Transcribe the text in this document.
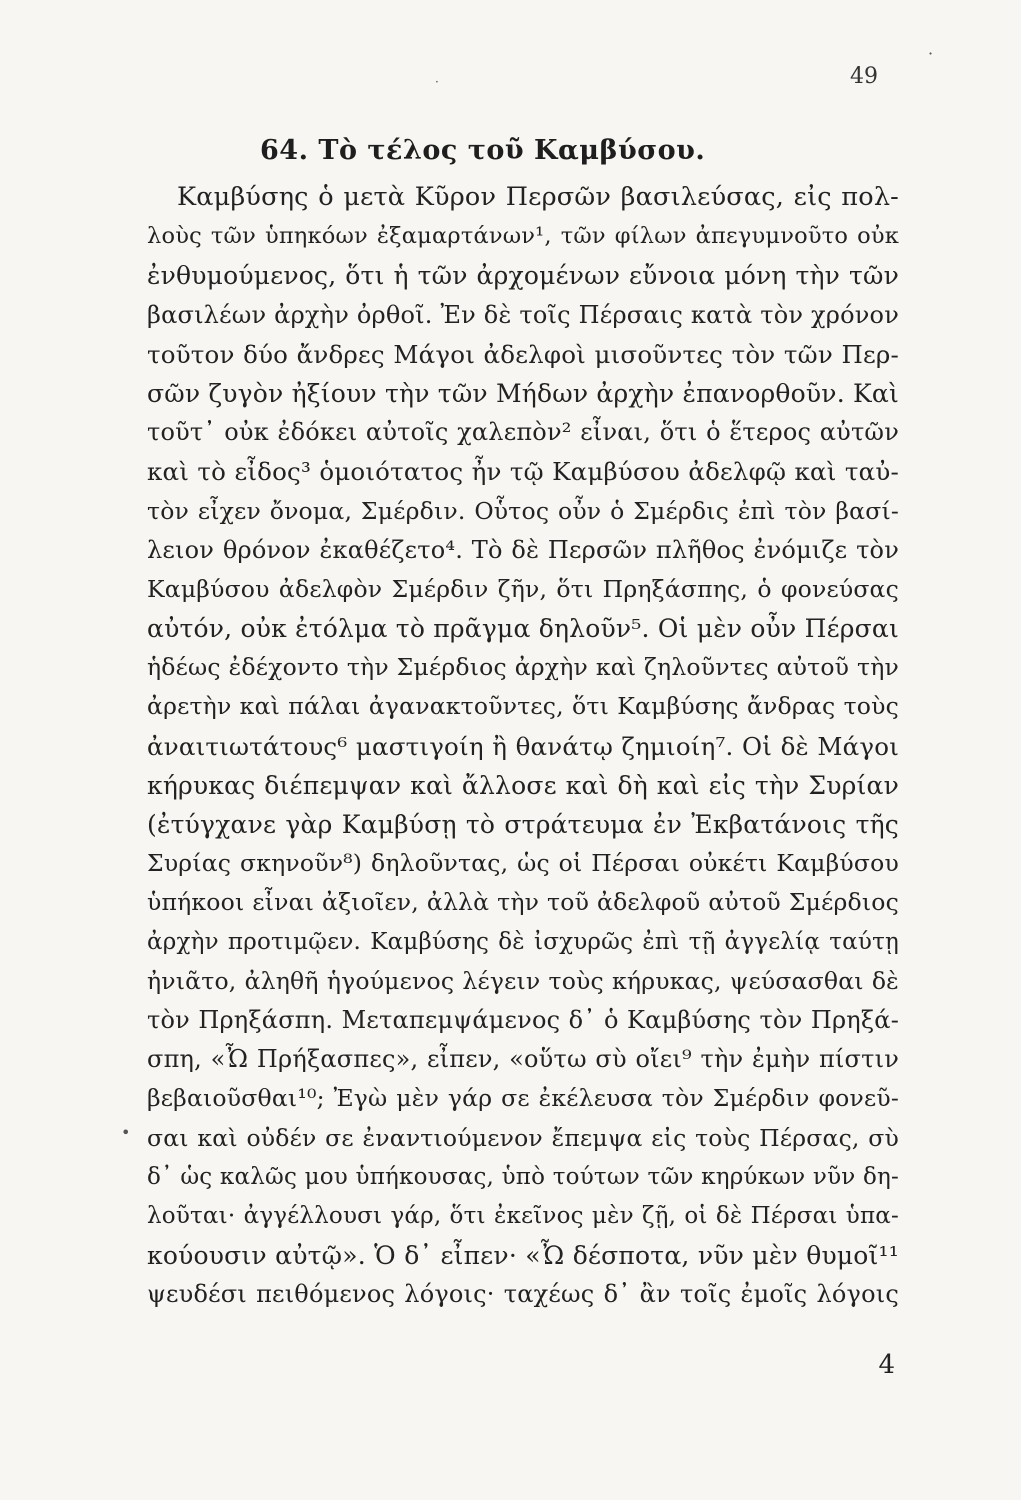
·
·
•
49
64. Τὸ τέλος τοῦ Καμβύσου.
Καμβύσης ὁ μετὰ Κῦρον Περσῶν βασιλεύσας, εἰς πολ-
λοὺς τῶν ὑπηκόων ἐξαμαρτάνων¹, τῶν φίλων ἀπεγυμνοῦτο οὐκ
ἐνθυμούμενος, ὅτι ἡ τῶν ἀρχομένων εὔνοια μόνη τὴν τῶν
βασιλέων ἀρχὴν ὀρθοῖ. Ἐν δὲ τοῖς Πέρσαις κατὰ τὸν χρόνον
τοῦτον δύο ἄνδρες Μάγοι ἀδελφοὶ μισοῦντες τὸν τῶν Περ-
σῶν ζυγὸν ἠξίουν τὴν τῶν Μήδων ἀρχὴν ἐπανορθοῦν. Καὶ
τοῦτ᾽ οὐκ ἐδόκει αὐτοῖς χαλεπὸν² εἶναι, ὅτι ὁ ἕτερος αὐτῶν
καὶ τὸ εἶδος³ ὁμοιότατος ἦν τῷ Καμβύσου ἀδελφῷ καὶ ταὐ-
τὸν εἶχεν ὄνομα, Σμέρδιν. Οὗτος οὖν ὁ Σμέρδις ἐπὶ τὸν βασί-
λειον θρόνον ἐκαθέζετο⁴. Τὸ δὲ Περσῶν πλῆθος ἐνόμιζε τὸν
Καμβύσου ἀδελφὸν Σμέρδιν ζῆν, ὅτι Πρηξάσπης, ὁ φονεύσας
αὐτόν, οὐκ ἐτόλμα τὸ πρᾶγμα δηλοῦν⁵. Οἱ μὲν οὖν Πέρσαι
ἡδέως ἐδέχοντο τὴν Σμέρδιος ἀρχὴν καὶ ζηλοῦντες αὐτοῦ τὴν
ἀρετὴν καὶ πάλαι ἀγανακτοῦντες, ὅτι Καμβύσης ἄνδρας τοὺς
ἀναιτιωτάτους⁶ μαστιγοίη ἢ θανάτῳ ζημιοίη⁷. Οἱ δὲ Μάγοι
κήρυκας διέπεμψαν καὶ ἄλλοσε καὶ δὴ καὶ εἰς τὴν Συρίαν
(ἐτύγχανε γὰρ Καμβύσῃ τὸ στράτευμα ἐν Ἐκβατάνοις τῆς
Συρίας σκηνοῦν⁸) δηλοῦντας, ὡς οἱ Πέρσαι οὐκέτι Καμβύσου
ὑπήκοοι εἶναι ἀξιοῖεν, ἀλλὰ τὴν τοῦ ἀδελφοῦ αὐτοῦ Σμέρδιος
ἀρχὴν προτιμῷεν. Καμβύσης δὲ ἰσχυρῶς ἐπὶ τῇ ἀγγελίᾳ ταύτῃ
ἠνιᾶτο, ἀληθῆ ἡγούμενος λέγειν τοὺς κήρυκας, ψεύσασθαι δὲ
τὸν Πρηξάσπη. Μεταπεμψάμενος δ᾽ ὁ Καμβύσης τὸν Πρηξά-
σπη, «Ὦ Πρήξασπες», εἶπεν, «οὕτω σὺ οἴει⁹ τὴν ἐμὴν πίστιν
βεβαιοῦσθαι¹⁰; Ἐγὼ μὲν γάρ σε ἐκέλευσα τὸν Σμέρδιν φονεῦ-
σαι καὶ οὐδέν σε ἐναντιούμενον ἔπεμψα εἰς τοὺς Πέρσας, σὺ
δ᾽ ὡς καλῶς μου ὑπήκουσας, ὑπὸ τούτων τῶν κηρύκων νῦν δη-
λοῦται· ἀγγέλλουσι γάρ, ὅτι ἐκεῖνος μὲν ζῇ, οἱ δὲ Πέρσαι ὑπα-
κούουσιν αὐτῷ». Ὁ δ᾽ εἶπεν· «Ὦ δέσποτα, νῦν μὲν θυμοῖ¹¹
ψευδέσι πειθόμενος λόγοις· ταχέως δ᾽ ἂν τοῖς ἐμοῖς λόγοις
4
